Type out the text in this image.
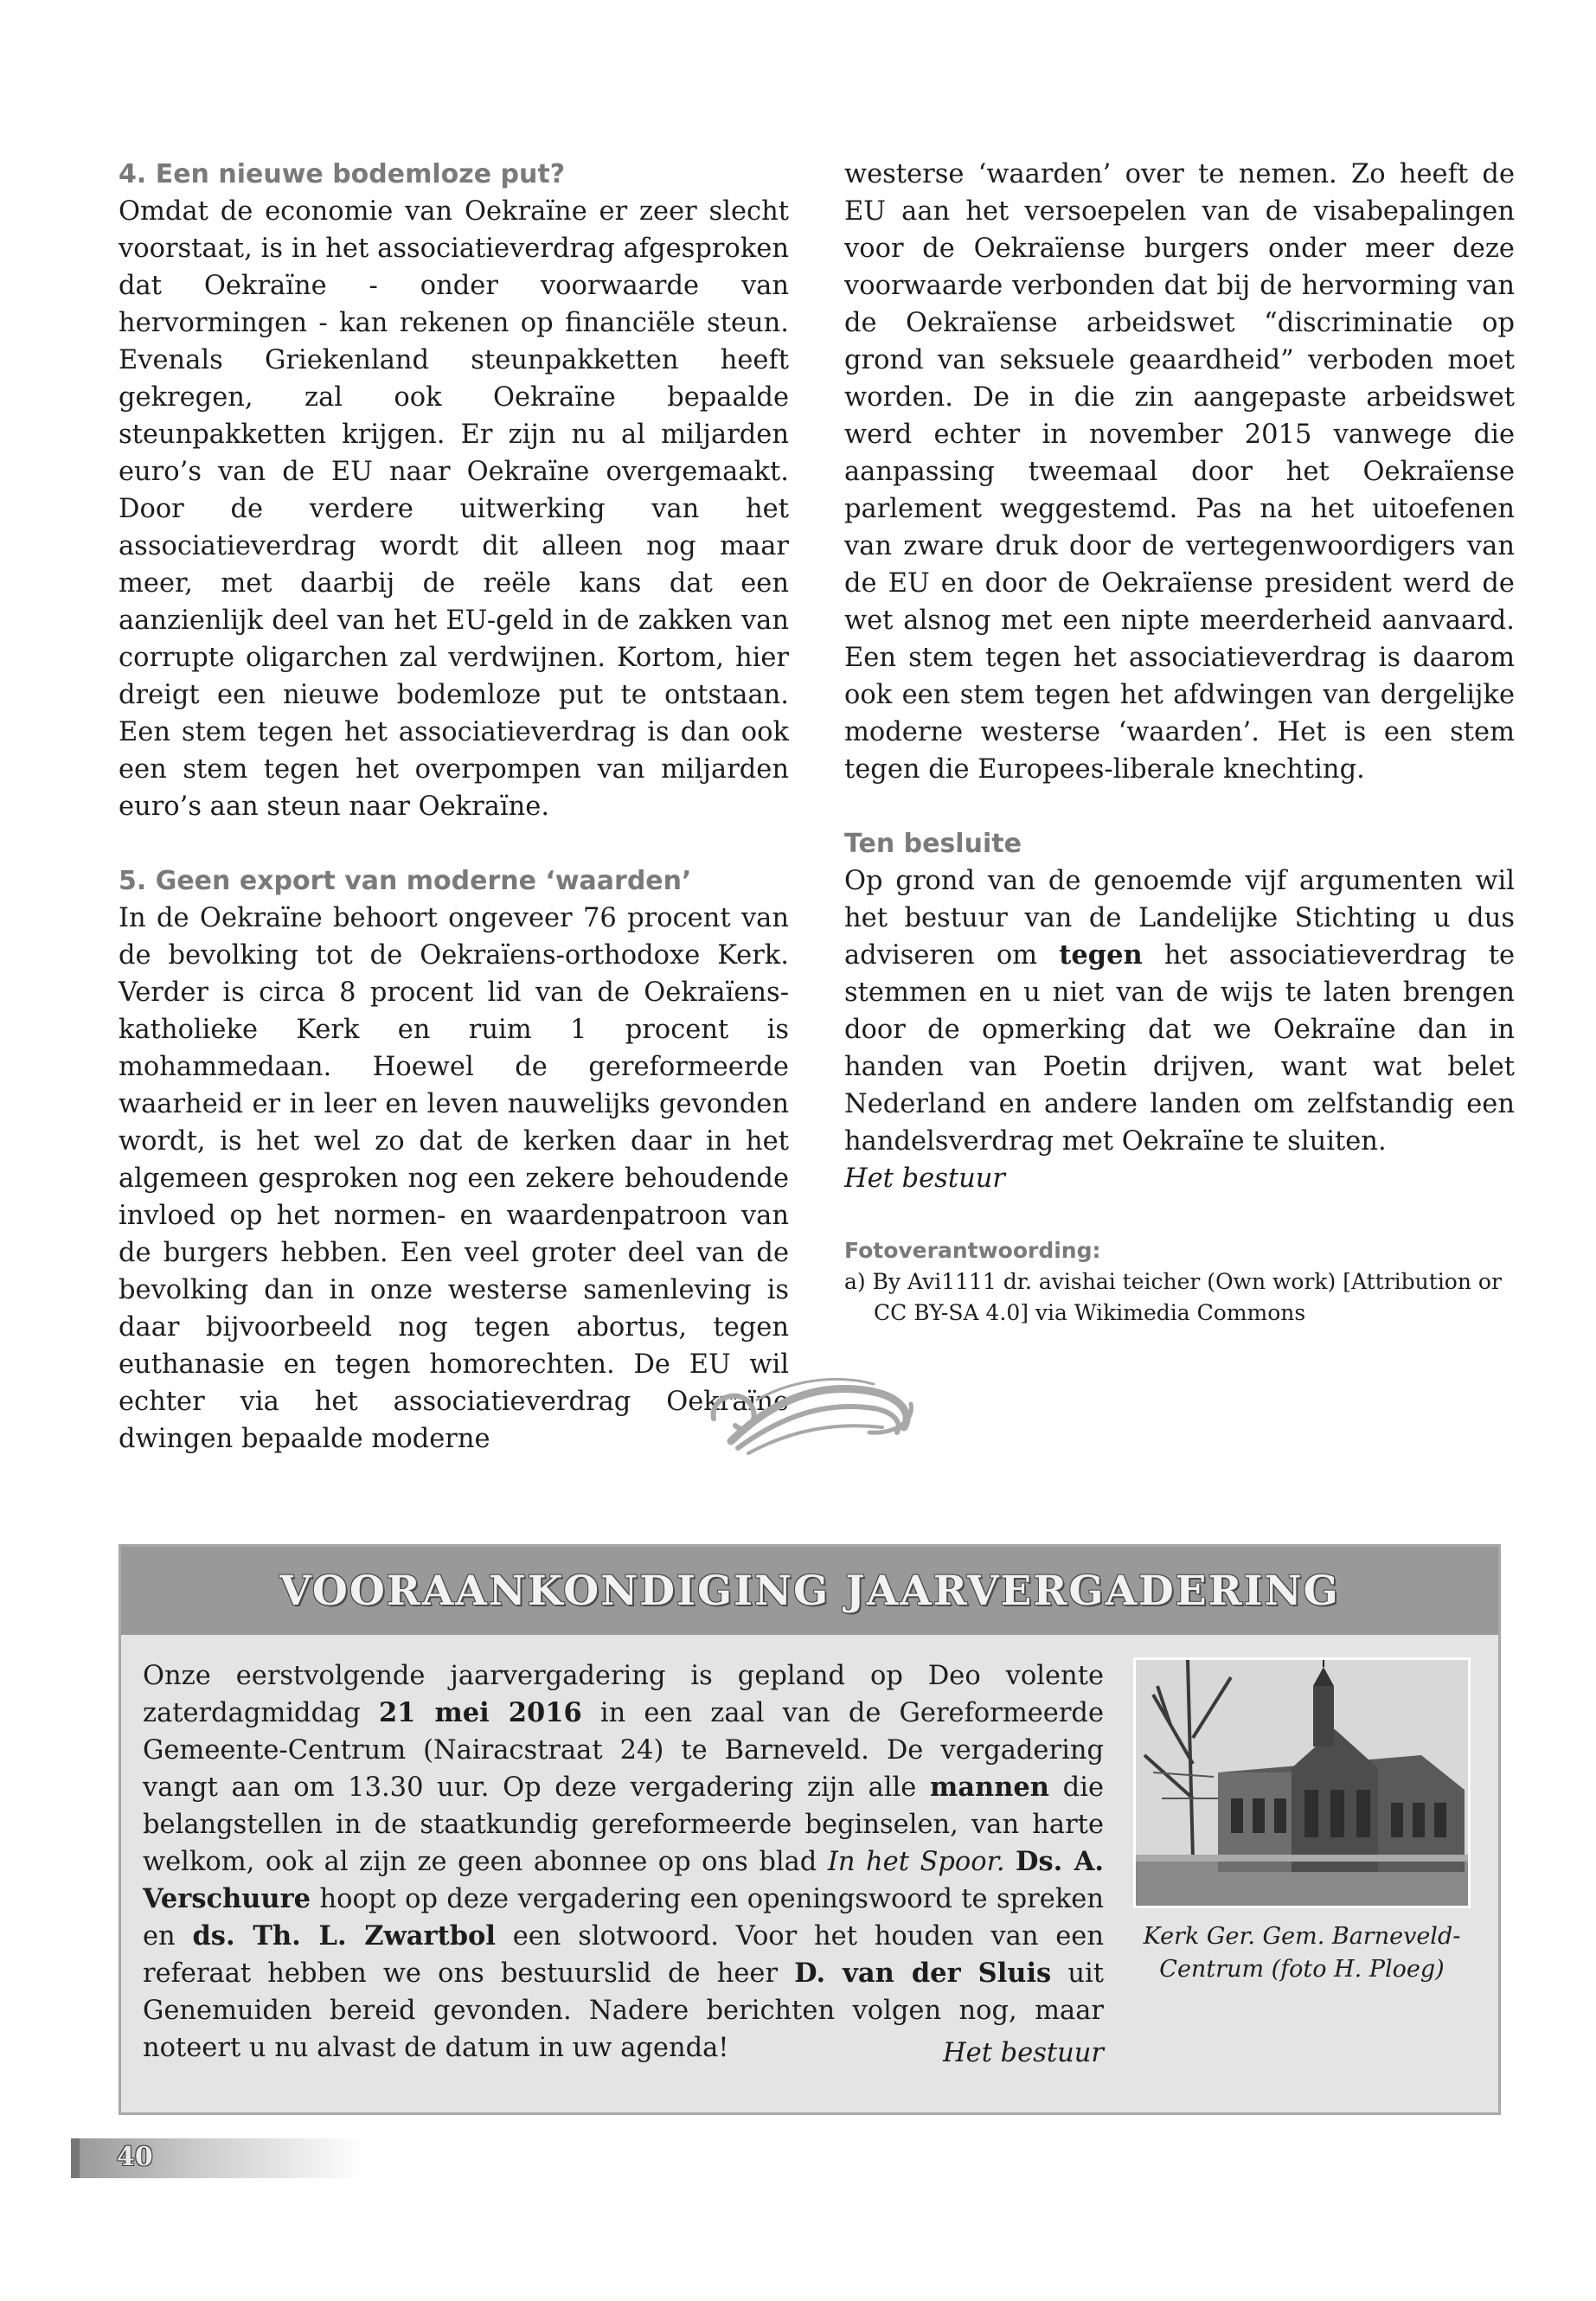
4. Een nieuwe bodemloze put?

Omdat de economie van Oekraïne er zeer slecht voorstaat, is in het associatieverdrag afgesproken dat Oekraïne - onder voorwaarde van hervormingen - kan rekenen op financiële steun. Evenals Griekenland steunpakketten heeft gekregen, zal ook Oekraïne bepaalde steunpakketten krijgen. Er zijn nu al miljarden euro’s van de EU naar Oekraïne overgemaakt. Door de verdere uitwerking van het associatieverdrag wordt dit alleen nog maar meer, met daarbij de reële kans dat een aanzienlijk deel van het EU-geld in de zakken van corrupte oligarchen zal verdwijnen. Kortom, hier dreigt een nieuwe bodemloze put te ontstaan. Een stem tegen het associatieverdrag is dan ook een stem tegen het overpompen van miljarden euro’s aan steun naar Oekraïne.

5. Geen export van moderne ‘waarden’

In de Oekraïne behoort ongeveer 76 procent van de bevolking tot de Oekraïens-orthodoxe Kerk. Verder is circa 8 procent lid van de Oekraïens-katholieke Kerk en ruim 1 procent is mohammedaan. Hoewel de gereformeerde waarheid er in leer en leven nauwelijks gevonden wordt, is het wel zo dat de kerken daar in het algemeen gesproken nog een zekere behoudende invloed op het normen- en waardenpatroon van de burgers hebben. Een veel groter deel van de bevolking dan in onze westerse samenleving is daar bijvoorbeeld nog tegen abortus, tegen euthanasie en tegen homorechten. De EU wil echter via het associatieverdrag Oekraïne dwingen bepaalde moderne

westerse ‘waarden’ over te nemen. Zo heeft de EU aan het versoepelen van de visabepalingen voor de Oekraïense burgers onder meer deze voorwaarde verbonden dat bij de hervorming van de Oekraïense arbeidswet “discriminatie op grond van seksuele geaardheid” verboden moet worden. De in die zin aangepaste arbeidswet werd echter in november 2015 vanwege die aanpassing tweemaal door het Oekraïense parlement weggestemd. Pas na het uitoefenen van zware druk door de vertegenwoordigers van de EU en door de Oekraïense president werd de wet alsnog met een nipte meerderheid aanvaard. Een stem tegen het associatieverdrag is daarom ook een stem tegen het afdwingen van dergelijke moderne westerse ‘waarden’. Het is een stem tegen die Europees-liberale knechting.

Ten besluite

Op grond van de genoemde vijf argumenten wil het bestuur van de Landelijke Stichting u dus adviseren om tegen het associatieverdrag te stemmen en u niet van de wijs te laten brengen door de opmerking dat we Oekraïne dan in handen van Poetin drijven, want wat belet Nederland en andere landen om zelfstandig een handelsverdrag met Oekraïne te sluiten.

Het bestuur

Fotoverantwoording:

a) By Avi1111 dr. avishai teicher (Own work) [Attribution or CC BY-SA 4.0] via Wikimedia Commons

VOORAANKONDIGING JAARVERGADERING
Onze eerstvolgende jaarvergadering is gepland op Deo volente zaterdagmiddag 21 mei 2016 in een zaal van de Gereformeerde Gemeente-Centrum (Nairacstraat 24) te Barneveld. De vergadering vangt aan om 13.30 uur. Op deze vergadering zijn alle mannen die belangstellen in de staatkundig gereformeerde beginselen, van harte welkom, ook al zijn ze geen abonnee op ons blad In het Spoor. Ds. A. Verschuure hoopt op deze vergadering een openingswoord te spreken en ds. Th. L. Zwartbol een slotwoord. Voor het houden van een referaat hebben we ons bestuurslid de heer D. van der Sluis uit Genemuiden bereid gevonden. Nadere berichten volgen nog, maar noteert u nu alvast de datum in uw agenda!	Het bestuur
Kerk Ger. Gem. Barneveld-Centrum (foto H. Ploeg)
40
